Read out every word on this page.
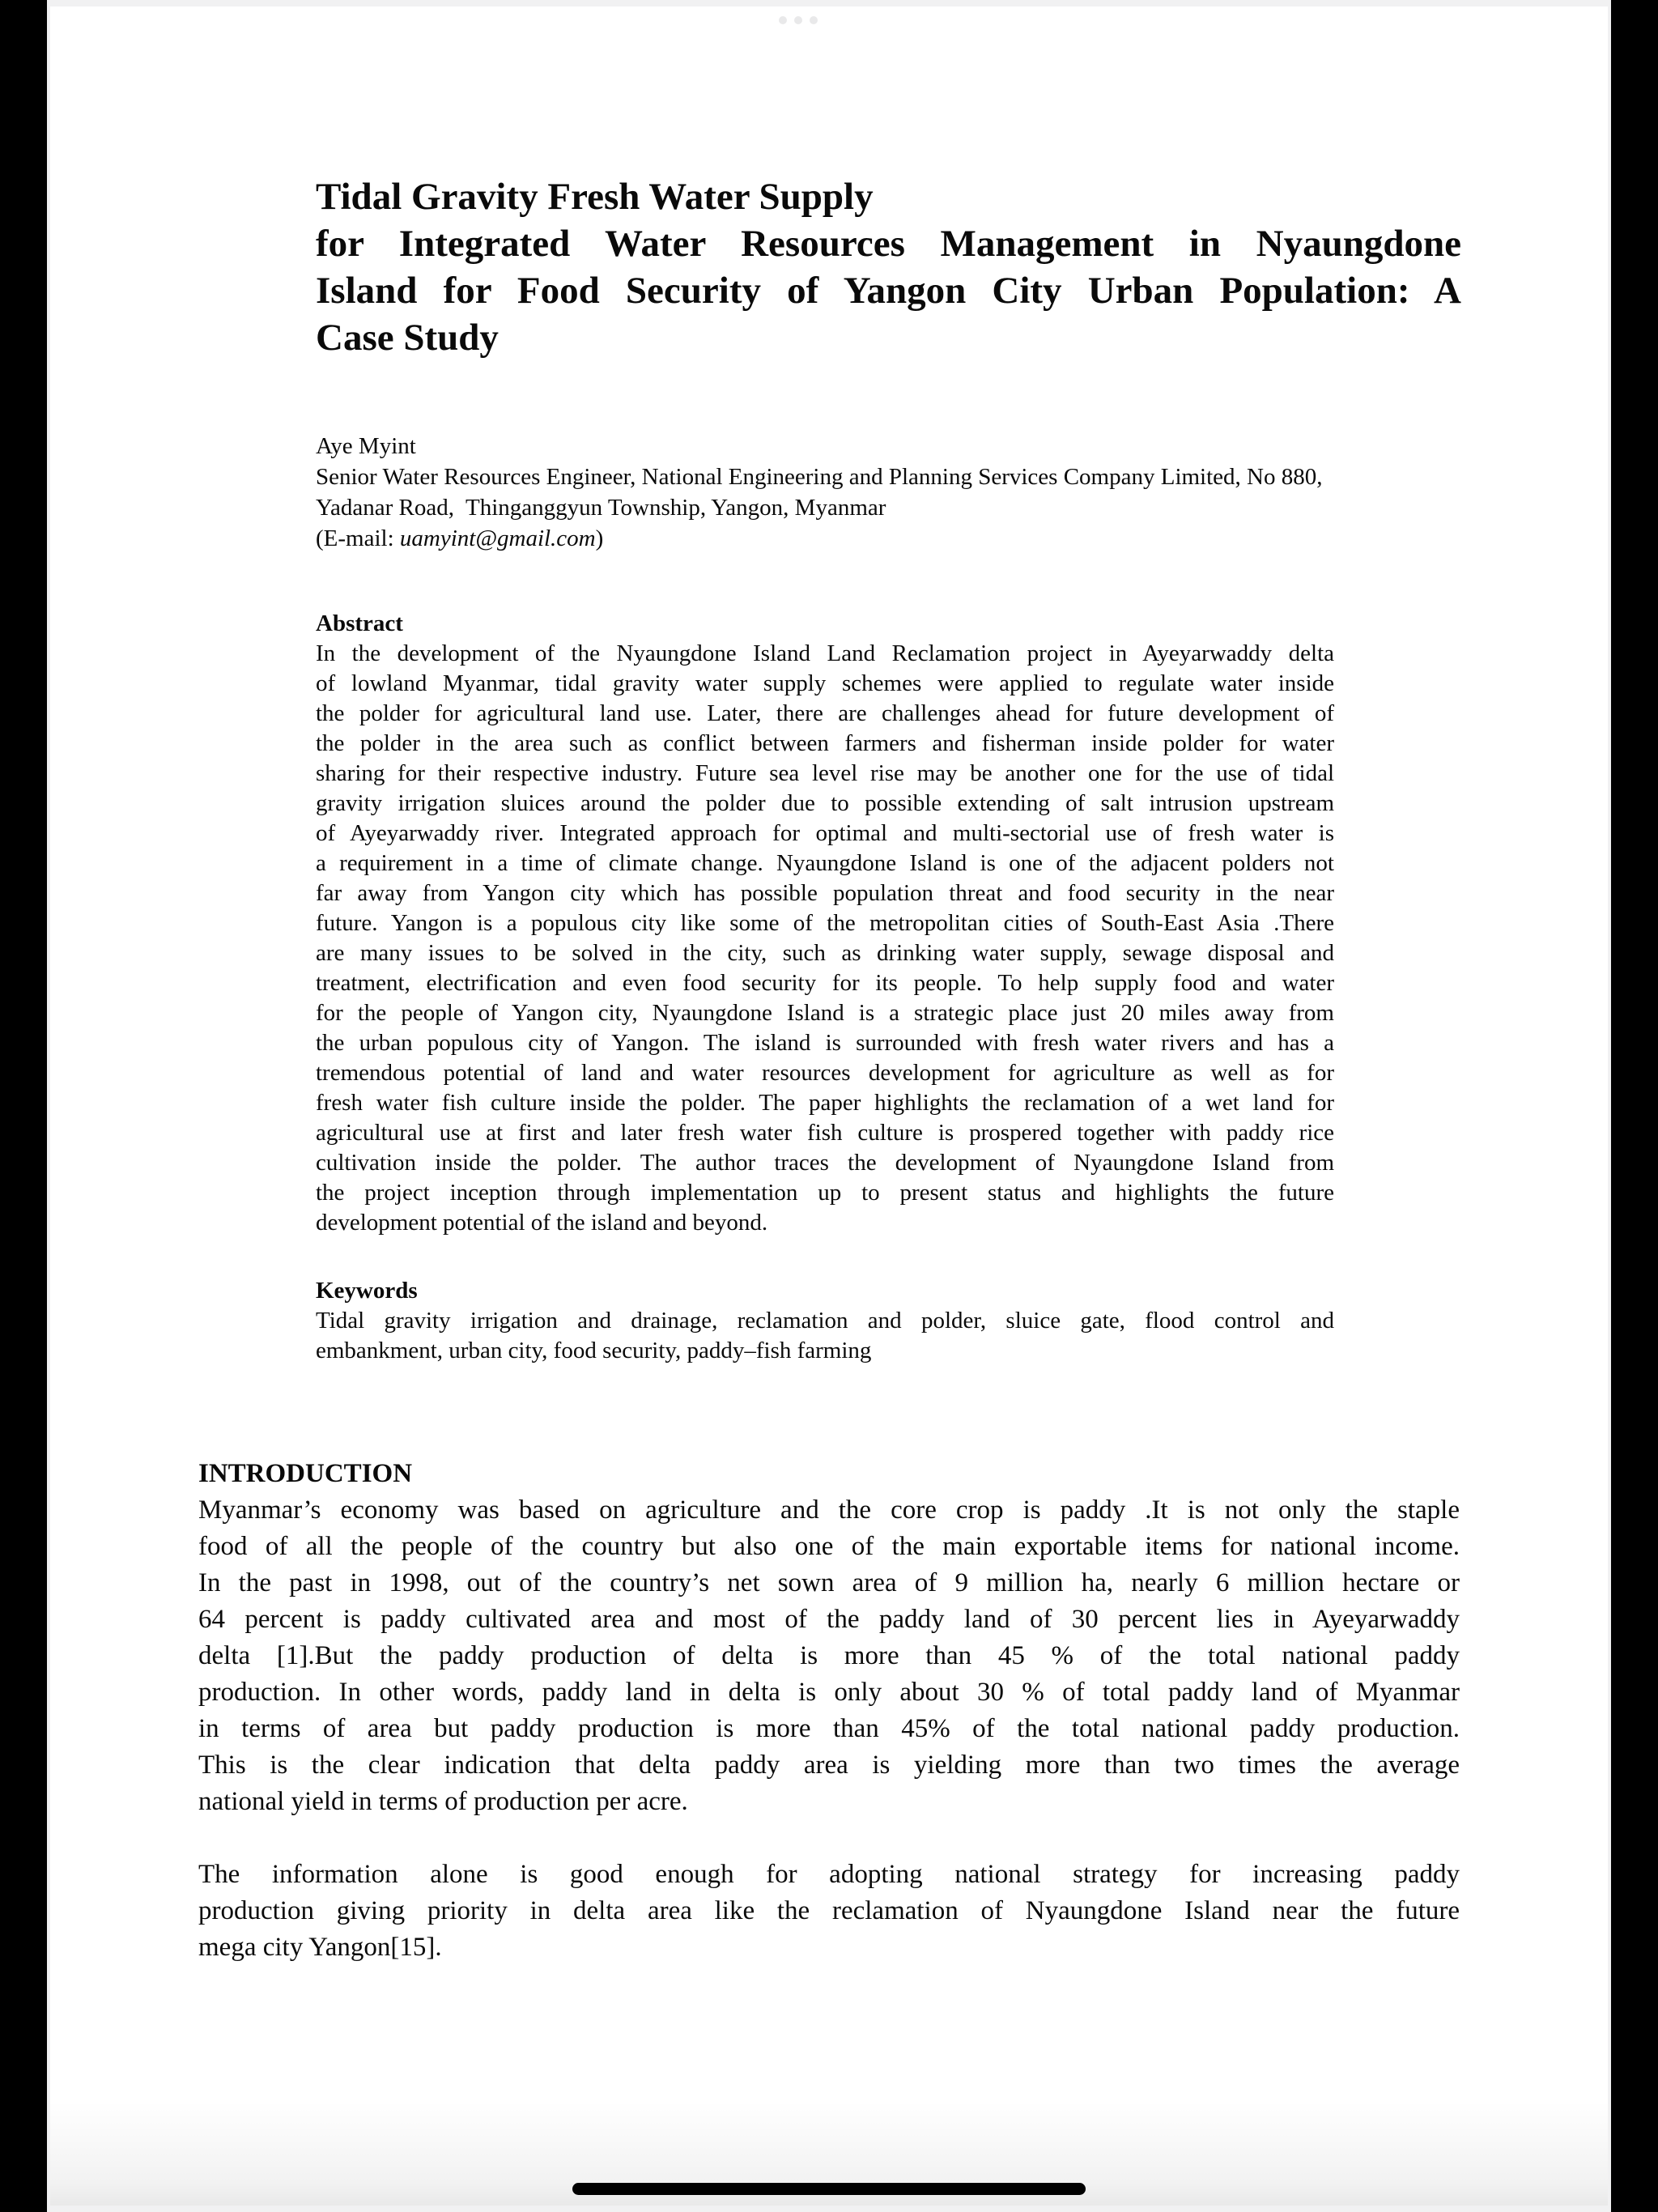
Tidal Gravity Fresh Water Supply
for Integrated Water Resources Management in Nyaungdone
Island for Food Security of Yangon City Urban Population: A
Case Study
Aye Myint
Senior Water Resources Engineer, National Engineering and Planning Services Company Limited, No 880,
Yadanar Road,  Thinganggyun Township, Yangon, Myanmar
(E-mail: uamyint@gmail.com)
Abstract
In the development of the Nyaungdone Island Land Reclamation project in Ayeyarwaddy delta
of lowland Myanmar, tidal gravity water supply schemes were applied to regulate water inside
the polder for agricultural land use. Later, there are challenges ahead for future development of
the polder in the area such as conflict between farmers and fisherman inside polder for water
sharing for their respective industry. Future sea level rise may be another one for the use of tidal
gravity irrigation sluices around the polder due to possible extending of salt intrusion upstream
of Ayeyarwaddy river. Integrated approach for optimal and multi-sectorial use of fresh water is
a requirement in a time of climate change. Nyaungdone Island is one of the adjacent polders not
far away from Yangon city which has possible population threat and food security in the near
future. Yangon is a populous city like some of the metropolitan cities of South-East Asia .There
are many issues to be solved in the city, such as drinking water supply, sewage disposal and
treatment, electrification and even food security for its people. To help supply food and water
for the people of Yangon city, Nyaungdone Island is a strategic place just 20 miles away from
the urban populous city of Yangon. The island is surrounded with fresh water rivers and has a
tremendous potential of land and water resources development for agriculture as well as for
fresh water fish culture inside the polder. The paper highlights the reclamation of a wet land for
agricultural use at first and later fresh water fish culture is prospered together with paddy rice
cultivation inside the polder. The author traces the development of Nyaungdone Island from
the project inception through implementation up to present status and highlights the future
development potential of the island and beyond.
Keywords
Tidal gravity irrigation and drainage, reclamation and polder, sluice gate, flood control and
embankment, urban city, food security, paddy–fish farming
INTRODUCTION
Myanmar’s economy was based on agriculture and the core crop is paddy .It is not only the staple
food of all the people of the country but also one of the main exportable items for national income.
In the past in 1998, out of the country’s net sown area of 9 million ha, nearly 6 million hectare or
64 percent is paddy cultivated area and most of the paddy land of 30 percent lies in Ayeyarwaddy
delta [1].But the paddy production of delta is more than 45 % of the total national paddy
production. In other words, paddy land in delta is only about 30 % of total paddy land of Myanmar
in terms of area but paddy production is more than 45% of the total national paddy production.
This is the clear indication that delta paddy area is yielding more than two times the average
national yield in terms of production per acre.
The information alone is good enough for adopting national strategy for increasing paddy
production giving priority in delta area like the reclamation of Nyaungdone Island near the future
mega city Yangon[15].
